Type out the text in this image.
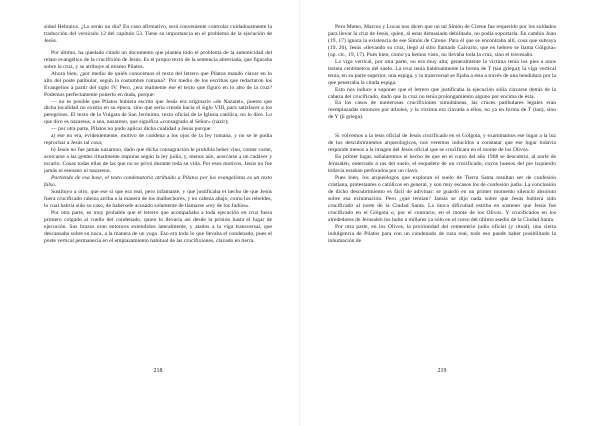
sidad Hebraica. ¿Lo serán un día? En caso afirmativo, será conveniente controlar cuidadosamente la traducción del versículo 12 del capítulo 53. Tiene su importancia en el problema de la ejecución de Jesús.

Por último, ha quedado citado un documento que plantea todo el problema de la autenticidad del relato evangélico de la crucifixión de Jesús. Es el propio texto de la sentencia abreviada, que figuraba sobre la cruz, y se atribuye al mismo Pilatos.

Ahora bien, ¿por medio de quién conocemos el texto del letrero que Pilatos mandó clavar en lo alto del poste patibular, según la costumbre romana?: Por medio de los escribas que redactaron los Evangelios a partir del siglo IV. Pero, ¿era realmente ése el texto que figuró en lo alto de la cruz? Podemos perfectamente ponerlo en duda, porque:

— no es posible que Pilatos hubiera escrito que Jesús era originario «de Nazaret», puesto que dicha localidad no existía en su época, sino que sería creada hacia el siglo VIII, para satisfacer a los peregrinos. El texto de la Vulgata de San Jerónimo, texto oficial de la Iglesia católica, no lo dice. Lo que dice es nazareus, o sea, nazareno, que significa «consagrado al Señor» (nazir);

— por otra parte, Pilatos no pudo aplicar dicha cualidad a Jesús porque:

a) ése no era, evidentemente, motivo de condena a los ojos de la ley romana, y no se le podía reprochar a Jesús tal cosa;

b) Jesús no fue jamás nazareno, dado que dicha consagración le prohibía beber vino, comer carne, acercarse a las gentes ritualmente impuras según la ley judía, y, menos aún, acercarse a un cadáver y tocarlo. Cosas todas ellas de las que no se privó durante toda su vida. Por esos motivos, Jesús no fue jamás ni esenano ni nazareno.

Partiendo de esa base, el texto condenatorio atribuido a Pilatos por los evangelistas es un texto falso.

Sustituyo a otro, que ese sí que era real, pero infamante, y que justificaba el hecho de que Jesús fuera crucificado cabeza arriba a la manera de los malhechores, y no cabeza abajo, como los rebeldes, lo cual habría sido su caso, de habérsele acusado solamente de llamarse «rey de los Judíos».

Por otra parte, es muy probable que el letrero que acompañaba a toda ejecución en cruz fuera primero colgado al cuello del condenado, quien lo llevaría así desde la prisión hasta el lugar de ejecución. Sus brazos eran entonces extendidos lateralmente, y atados a la viga transversal, que descansaba sobre su nuca, a la manera de un yugo. Eso era todo lo que llevaba el condenado, pues el poste vertical permanecía en el emplazamiento habitual de las crucifixiones, clavado en tierra.

218

Pero Mateo, Marcos y Lucas nos dicen que un tal Simón de Cirene fue requerido por los soldados para llevar la cruz de Jesús, quien, al estar demasiado debilitado, no podía soportarla. En cambio Juan (19, 17) ignora la existencia de ese Simón de Cirene. Para él que se encontraba allí, cosa que subraya (19, 26), Jesús «llevando su cruz, llegó al sitio llamado Calvario, que en hebreo se llama Gólgota» (op. cit., 19, 17). Pues bien, como ya hemos visto, no llevaba toda la cruz, sino el travesaño.

La viga vertical, por otra parte, no era muy alta; generalmente la víctima tenía los pies a unos treinta centímetros del suelo. La cruz tenía habitualmente la forma de T (tau griega); la viga vertical tenía, en su parte superior, una espiga, y la transversal se fijaba a ésta a través de una hendidura por la que penetraba la citada espiga.

Esto nos induce a suponer que el letrero que justificaba la ejecución sólía clavarse detrás de la cabeza del crucificado, dado que la cruz no tenía prolongamiento alguno por encima de ésta.

En los casos de numerosas crucifixiones simultáneas, las cruces patibulares legales eran reemplazadas entonces por árboles, y la víctima era clavada a ellos, no ya en forma de T (tau), sino de Y (ji griega).

Si volvemos a la tesis oficial de Jesús crucificado en el Gólgota, y examinamos ese lugar a la luz de los descubrimientos arqueológicos, nos veremos inducidos a constatar que ese lugar todavía responde menos a la imagen del Jesús oficial que se crucificara en el monte de los Olivos.

En primer lugar, señalaremos el hecho de que en el curso del año 1968 se descubrió, al norte de Jerusalén, enterrado a ras del suelo, el esqueleto de un crucificado, cuyos huesos del pie izquierdo todavía estaban perforados por un clavo.

Pues bien, los arqueólogos que exploran el suelo de Tierra Santa resultan ser de confesión cristiana, protestantes o católicos en general, y son muy escasos los de confesión judía. La conclusión de dicho descubrimiento es fácil de adivinar: se guardó en un primer momento silencio absoluto sobre esa exhumación. Pero ¿qué temían? Jamás se dijo nada sobre que Jesús hubiera sido crucificado al norte de la Ciudad Santa. La única dificultad estriba en sostener que Jesús fue crucificado en el Gólgota o, por el contrario, en el monte de los Olivos. Y crucificados en los alrededores de Jerusalén los hubo a millares ya sólo en el curso del último asedio de la Ciudad Santa.

Por otra parte, en los Olivos, la proximidad del cementerio judío oficial (y ritual), una cierta indulgencia de Pilatos para con un condenado de ruza real, todo eso puede haber posibilitado la inhumación de

219
